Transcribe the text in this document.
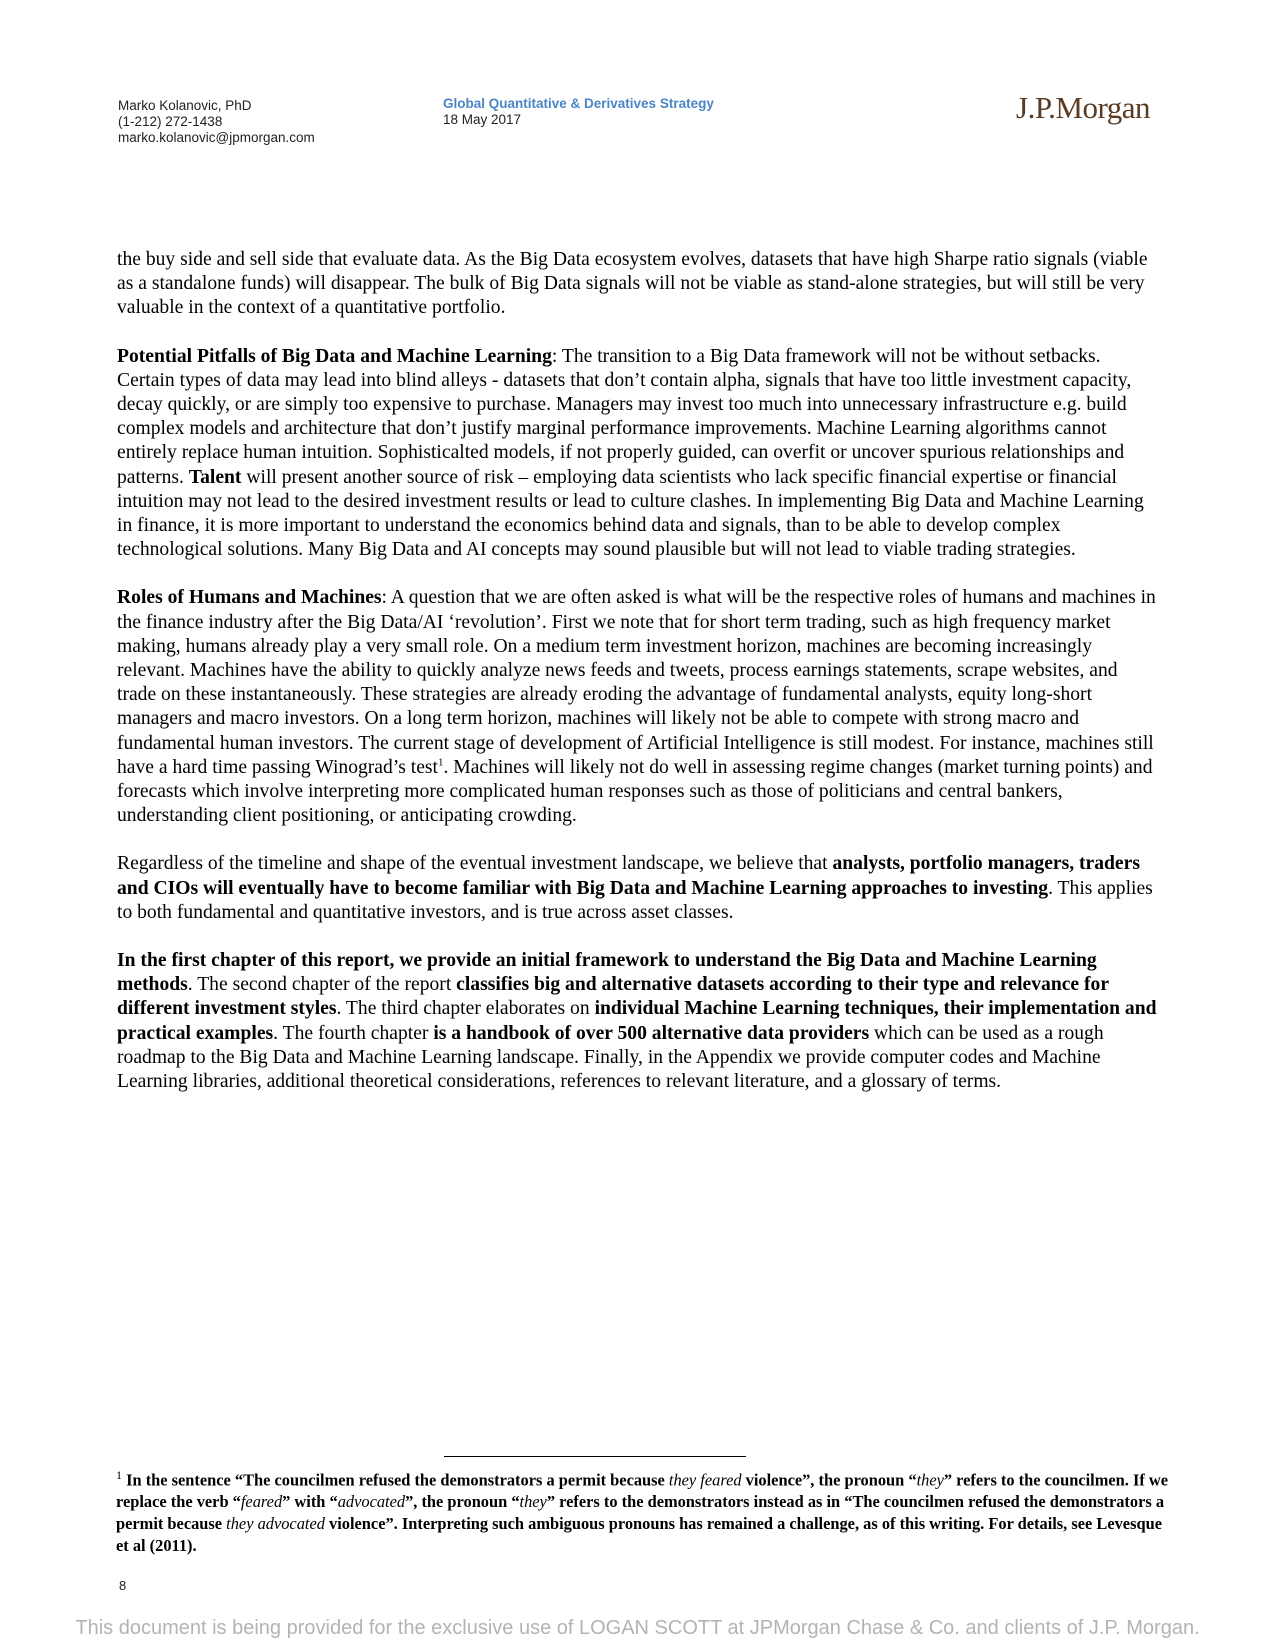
Marko Kolanovic, PhD
(1-212) 272-1438
marko.kolanovic@jpmorgan.com
Global Quantitative & Derivatives Strategy
18 May 2017	J.P.Morgan

the buy side and sell side that evaluate data. As the Big Data ecosystem evolves, datasets that have high Sharpe ratio signals (viable as a standalone funds) will disappear. The bulk of Big Data signals will not be viable as stand-alone strategies, but will still be very valuable in the context of a quantitative portfolio.

Potential Pitfalls of Big Data and Machine Learning: The transition to a Big Data framework will not be without setbacks. Certain types of data may lead into blind alleys - datasets that don’t contain alpha, signals that have too little investment capacity, decay quickly, or are simply too expensive to purchase. Managers may invest too much into unnecessary infrastructure e.g. build complex models and architecture that don’t justify marginal performance improvements. Machine Learning algorithms cannot entirely replace human intuition. Sophisticalted models, if not properly guided, can overfit or uncover spurious relationships and patterns. Talent will present another source of risk – employing data scientists who lack specific financial expertise or financial intuition may not lead to the desired investment results or lead to culture clashes. In implementing Big Data and Machine Learning in finance, it is more important to understand the economics behind data and signals, than to be able to develop complex technological solutions. Many Big Data and AI concepts may sound plausible but will not lead to viable trading strategies.

Roles of Humans and Machines: A question that we are often asked is what will be the respective roles of humans and machines in the finance industry after the Big Data/AI ‘revolution’. First we note that for short term trading, such as high frequency market making, humans already play a very small role. On a medium term investment horizon, machines are becoming increasingly relevant. Machines have the ability to quickly analyze news feeds and tweets, process earnings statements, scrape websites, and trade on these instantaneously. These strategies are already eroding the advantage of fundamental analysts, equity long-short managers and macro investors. On a long term horizon, machines will likely not be able to compete with strong macro and fundamental human investors. The current stage of development of Artificial Intelligence is still modest. For instance, machines still have a hard time passing Winograd’s test$^1$. Machines will likely not do well in assessing regime changes (market turning points) and forecasts which involve interpreting more complicated human responses such as those of politicians and central bankers, understanding client positioning, or anticipating crowding.

Regardless of the timeline and shape of the eventual investment landscape, we believe that analysts, portfolio managers, traders and CIOs will eventually have to become familiar with Big Data and Machine Learning approaches to investing. This applies to both fundamental and quantitative investors, and is true across asset classes.

In the first chapter of this report, we provide an initial framework to understand the Big Data and Machine Learning methods. The second chapter of the report classifies big and alternative datasets according to their type and relevance for different investment styles. The third chapter elaborates on individual Machine Learning techniques, their implementation and practical examples. The fourth chapter is a handbook of over 500 alternative data providers which can be used as a rough roadmap to the Big Data and Machine Learning landscape. Finally, in the Appendix we provide computer codes and Machine Learning libraries, additional theoretical considerations, references to relevant literature, and a glossary of terms.

$^1$ In the sentence “The councilmen refused the demonstrators a permit because they feared violence”, the pronoun “they” refers to the councilmen. If we replace the verb “feared” with “advocated”, the pronoun “they” refers to the demonstrators instead as in “The councilmen refused the demonstrators a permit because they advocated violence”. Interpreting such ambiguous pronouns has remained a challenge, as of this writing. For details, see Levesque et al (2011).
8
This document is being provided for the exclusive use of LOGAN SCOTT at JPMorgan Chase & Co. and clients of J.P. Morgan.
